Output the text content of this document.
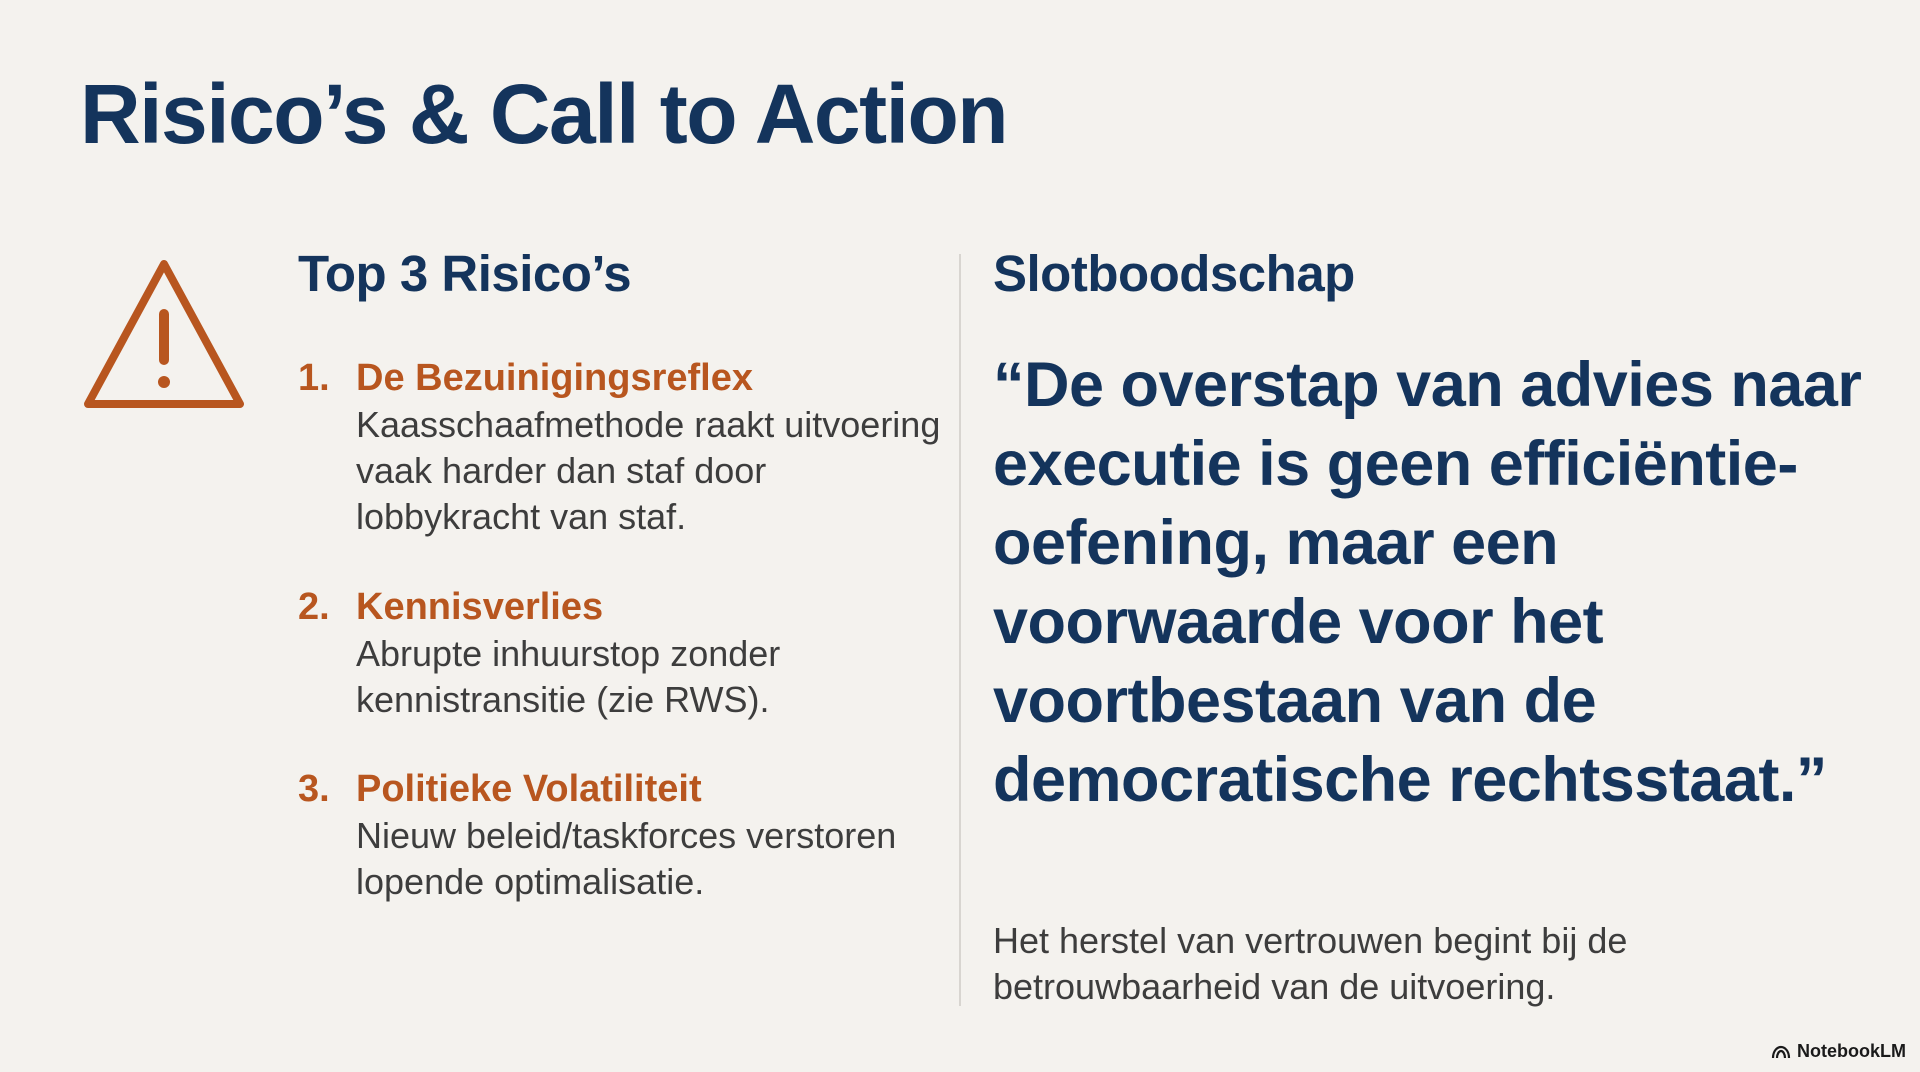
Risico’s & Call to Action
Top 3 Risico’s
1. De Bezuinigingsreflex
Kaasschaafmethode raakt uitvoering vaak harder dan staf door lobbykracht van staf.
2. Kennisverlies
Abrupte inhuurstop zonder kennistransitie (zie RWS).
3. Politieke Volatiliteit
Nieuw beleid/taskforces verstoren lopende optimalisatie.
Slotboodschap
“De overstap van advies naar executie is geen efficiëntie-oefening, maar een voorwaarde voor het voortbestaan van de democratische rechtsstaat.”

Het herstel van vertrouwen begint bij de betrouwbaarheid van de uitvoering.

NotebookLM
